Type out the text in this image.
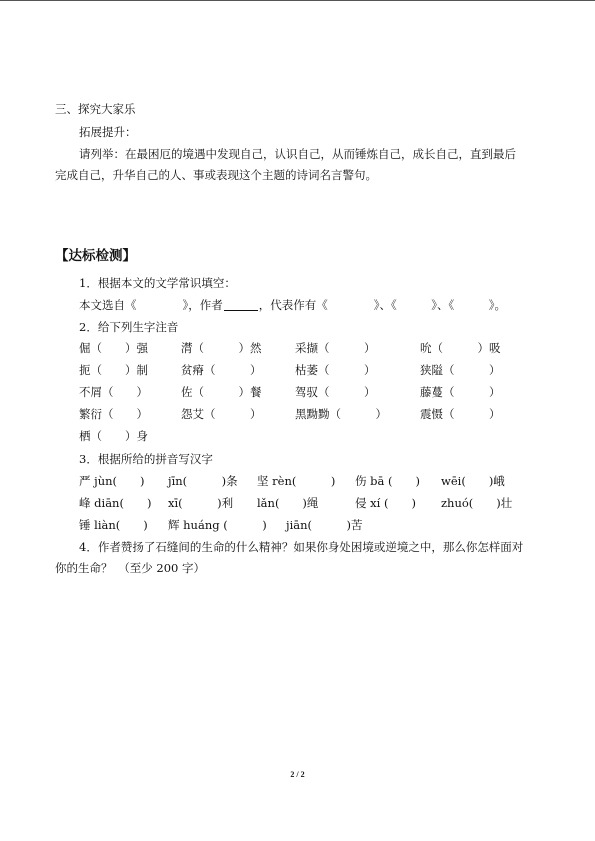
三、探究大家乐
拓展提升：
请列举：在最困厄的境遇中发现自己，认识自己，从而锤炼自己，成长自己，直到最后
完成自己，升华自己的人、事或表现这个主题的诗词名言警句。
【达标检测】
1．根据本文的文学常识填空：
本文选自《　　　　》，作者	，代表作有《　　　　》、《　　　》、《　　　》。
2．给下列生字注音
倔（　　）强	潸（　　　）然	采撷（　　　）	吮（　　　）吸
扼（　　）制	贫瘠（　　　）	枯萎（　　　）	狭隘（　　　）
不屑（　　）	佐（　　　）餐	驾驭（　　　）	藤蔓（　　　）
繁衍（　　）	怨艾（　　　）	黑黝黝（　　　）	震慑（　　　）
栖（　　）身
3．根据所给的拼音写汉字
严 jùn(　　) jīn(　　　)条 坚 rèn(　　　) 伤 bā (　　) wēi(　　)峨
峰 diān(　　) xī(　　　)利 lǎn(　　)绳	侵 xí (　　) zhuó(　　)壮
锤 liàn(　　) 辉 huáng (　　　) jiān(　　　)苦
4．作者赞扬了石缝间的生命的什么精神？如果你身处困境或逆境之中，那么你怎样面对
你的生命？　（至少 200 字）
2 / 2
